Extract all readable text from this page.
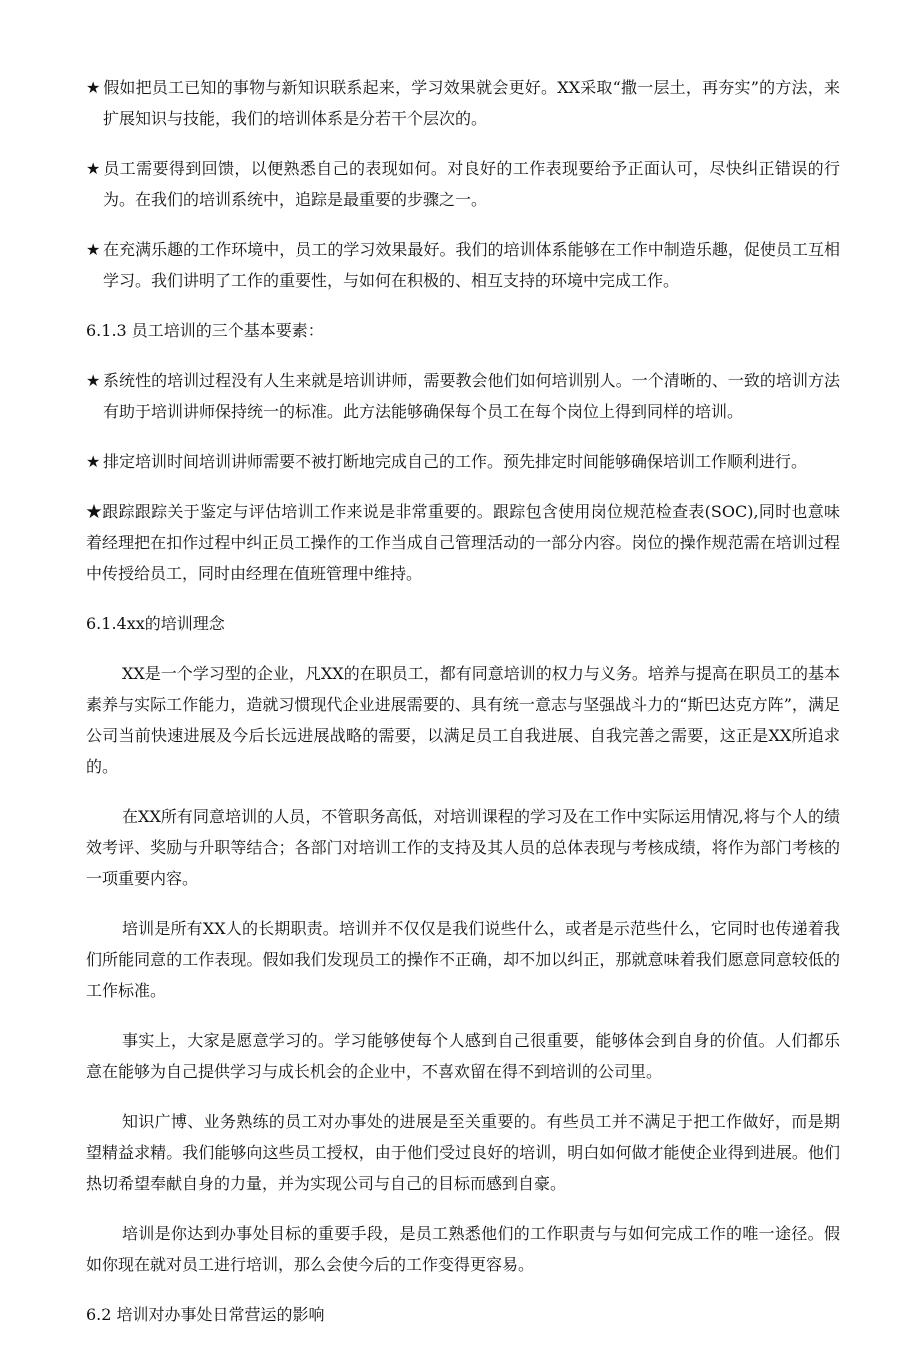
★ 假如把员工已知的事物与新知识联系起来，学习效果就会更好。XX采取“撒一层土，再夯实”的方法，来扩展知识与技能，我们的培训体系是分若干个层次的。
★ 员工需要得到回馈，以便熟悉自己的表现如何。对良好的工作表现要给予正面认可，尽快纠正错误的行为。在我们的培训系统中，追踪是最重要的步骤之一。
★ 在充满乐趣的工作环境中，员工的学习效果最好。我们的培训体系能够在工作中制造乐趣，促使员工互相学习。我们讲明了工作的重要性，与如何在积极的、相互支持的环境中完成工作。
6.1.3 员工培训的三个基本要素：
★ 系统性的培训过程没有人生来就是培训讲师，需要教会他们如何培训别人。一个清晰的、一致的培训方法有助于培训讲师保持统一的标准。此方法能够确保每个员工在每个岗位上得到同样的培训。
★ 排定培训时间培训讲师需要不被打断地完成自己的工作。预先排定时间能够确保培训工作顺利进行。
★跟踪跟踪关于鉴定与评估培训工作来说是非常重要的。跟踪包含使用岗位规范检查表(SOC),同时也意味着经理把在扣作过程中纠正员工操作的工作当成自己管理活动的一部分内容。岗位的操作规范需在培训过程中传授给员工，同时由经理在值班管理中维持。
6.1.4xx的培训理念
XX是一个学习型的企业，凡XX的在职员工，都有同意培训的权力与义务。培养与提高在职员工的基本素养与实际工作能力，造就习惯现代企业进展需要的、具有统一意志与坚强战斗力的“斯巴达克方阵”，满足公司当前快速进展及今后长远进展战略的需要，以满足员工自我进展、自我完善之需要，这正是XX所追求的。
在XX所有同意培训的人员，不管职务高低，对培训课程的学习及在工作中实际运用情况,将与个人的绩效考评、奖励与升职等结合；各部门对培训工作的支持及其人员的总体表现与考核成绩，将作为部门考核的一项重要内容。
培训是所有XX人的长期职责。培训并不仅仅是我们说些什么，或者是示范些什么，它同时也传递着我们所能同意的工作表现。假如我们发现员工的操作不正确，却不加以纠正，那就意味着我们愿意同意较低的工作标准。
事实上，大家是愿意学习的。学习能够使每个人感到自己很重要，能够体会到自身的价值。人们都乐意在能够为自己提供学习与成长机会的企业中，不喜欢留在得不到培训的公司里。
知识广博、业务熟练的员工对办事处的进展是至关重要的。有些员工并不满足于把工作做好，而是期望精益求精。我们能够向这些员工授权，由于他们受过良好的培训，明白如何做才能使企业得到进展。他们热切希望奉献自身的力量，并为实现公司与自己的目标而感到自豪。
培训是你达到办事处目标的重要手段，是员工熟悉他们的工作职责与与如何完成工作的唯一途径。假如你现在就对员工进行培训，那么会使今后的工作变得更容易。
6.2 培训对办事处日常营运的影响
